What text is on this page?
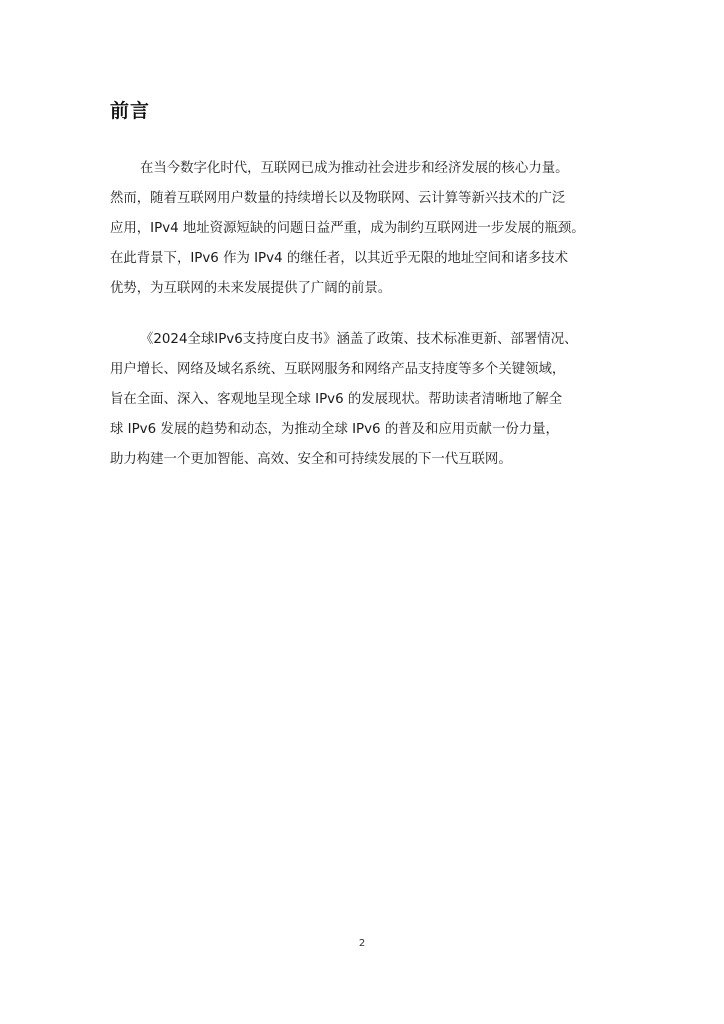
前言

在当今数字化时代，互联网已成为推动社会进步和经济发展的核心力量。
然而，随着互联网用户数量的持续增长以及物联网、云计算等新兴技术的广泛
应用，IPv4 地址资源短缺的问题日益严重，成为制约互联网进一步发展的瓶颈。
在此背景下，IPv6 作为 IPv4 的继任者，以其近乎无限的地址空间和诸多技术
优势，为互联网的未来发展提供了广阔的前景。

《2024全球IPv6支持度白皮书》涵盖了政策、技术标准更新、部署情况、
用户增长、网络及域名系统、互联网服务和网络产品支持度等多个关键领域，
旨在全面、深入、客观地呈现全球 IPv6 的发展现状。帮助读者清晰地了解全
球 IPv6 发展的趋势和动态，为推动全球 IPv6 的普及和应用贡献一份力量，
助力构建一个更加智能、高效、安全和可持续发展的下一代互联网。

2
